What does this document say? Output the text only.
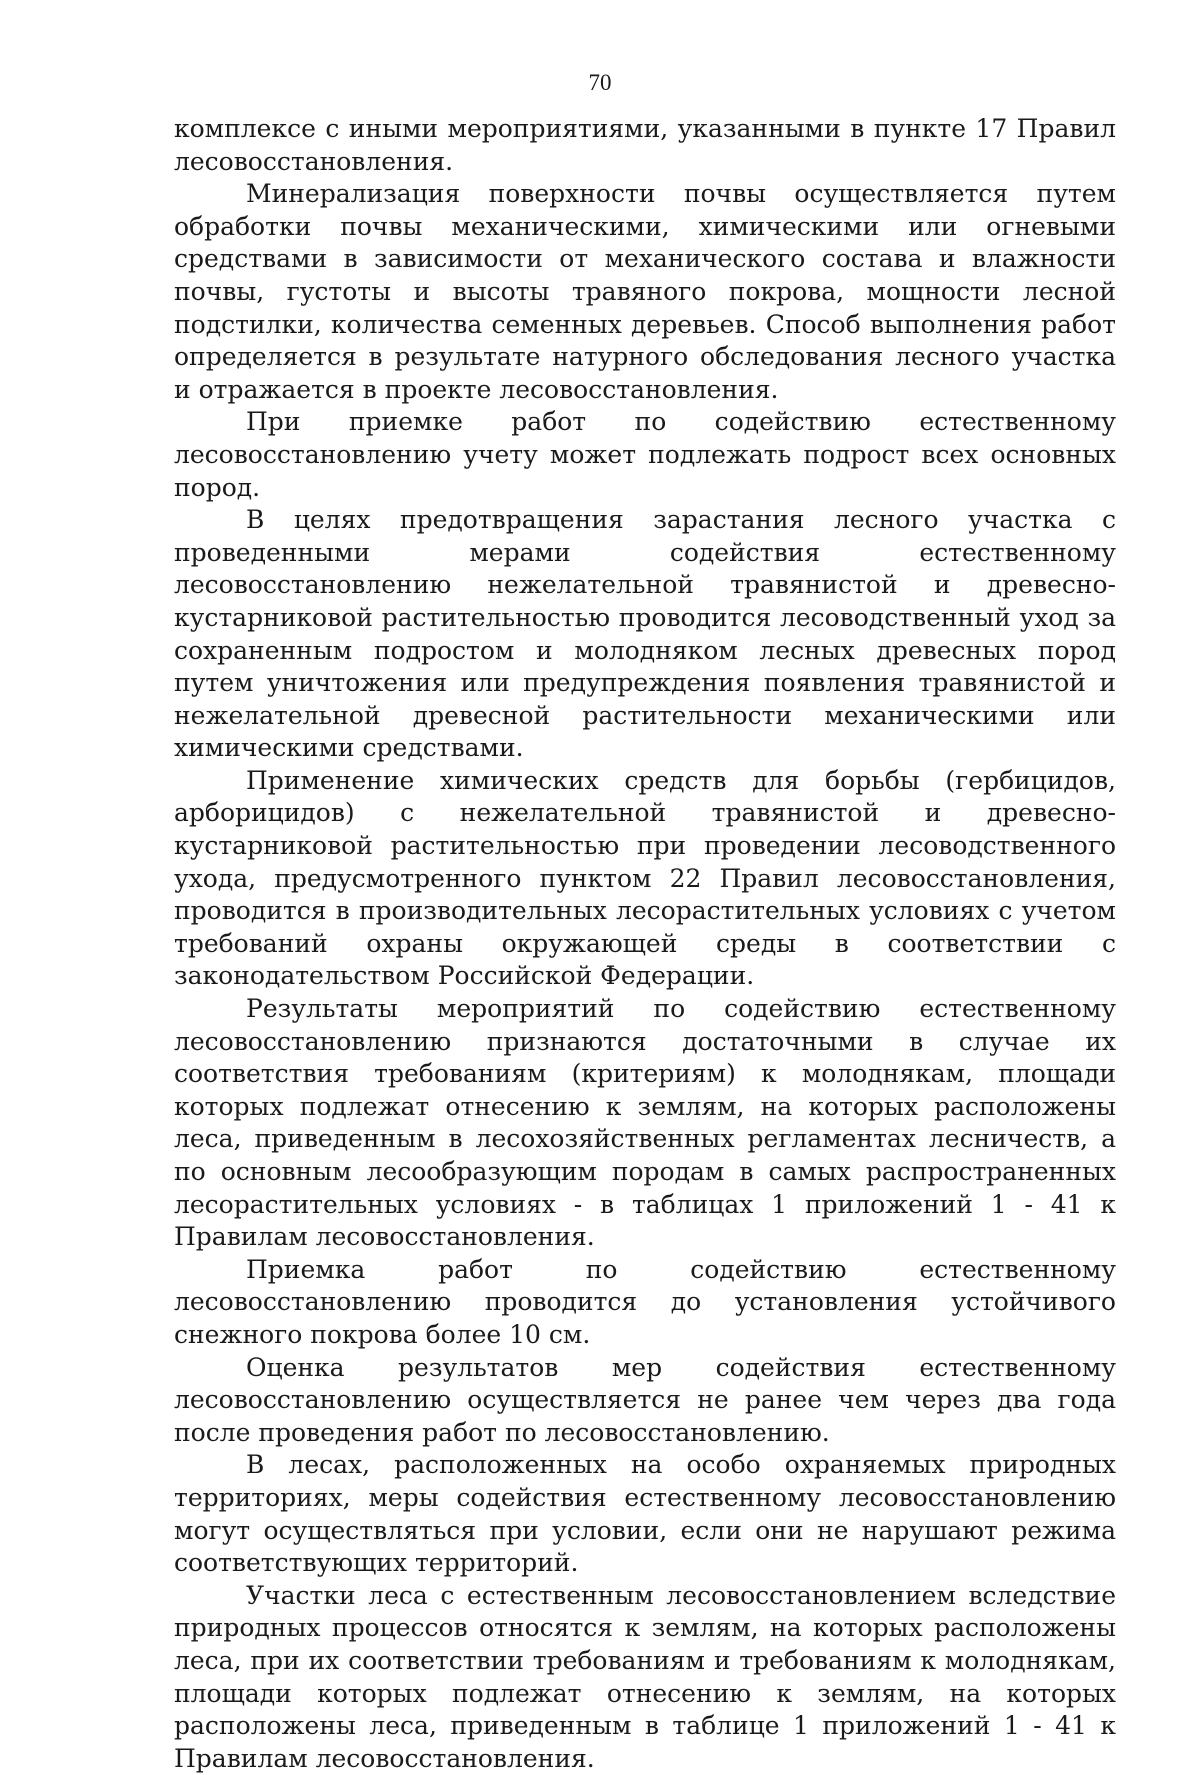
70

комплексе с иными мероприятиями, указанными в пункте 17 Правил лесовосстановления.

Минерализация поверхности почвы осуществляется путем обработки почвы механическими, химическими или огневыми средствами в зависимости от механического состава и влажности почвы, густоты и высоты травяного покрова, мощности лесной подстилки, количества семенных деревьев. Способ выполнения работ определяется в результате натурного обследования лесного участка и отражается в проекте лесовосстановления.

При приемке работ по содействию естественному лесовосстановлению учету может подлежать подрост всех основных пород.

В целях предотвращения зарастания лесного участка с проведенными мерами содействия естественному лесовосстановлению нежелательной травянистой и древесно-кустарниковой растительностью проводится лесоводственный уход за сохраненным подростом и молодняком лесных древесных пород путем уничтожения или предупреждения появления травянистой и нежелательной древесной растительности механическими или химическими средствами.

Применение химических средств для борьбы (гербицидов, арборицидов) с нежелательной травянистой и древесно-кустарниковой растительностью при проведении лесоводственного ухода, предусмотренного пунктом 22 Правил лесовосстановления, проводится в производительных лесорастительных условиях с учетом требований охраны окружающей среды в соответствии с законодательством Российской Федерации.

Результаты мероприятий по содействию естественному лесовосстановлению признаются достаточными в случае их соответствия требованиям (критериям) к молоднякам, площади которых подлежат отнесению к землям, на которых расположены леса, приведенным в лесохозяйственных регламентах лесничеств, а по основным лесообразующим породам в самых распространенных лесорастительных условиях - в таблицах 1 приложений 1 - 41 к Правилам лесовосстановления.

Приемка работ по содействию естественному лесовосстановлению проводится до установления устойчивого снежного покрова более 10 см.

Оценка результатов мер содействия естественному лесовосстановлению осуществляется не ранее чем через два года после проведения работ по лесовосстановлению.

В лесах, расположенных на особо охраняемых природных территориях, меры содействия естественному лесовосстановлению могут осуществляться при условии, если они не нарушают режима соответствующих территорий.

Участки леса с естественным лесовосстановлением вследствие природных процессов относятся к землям, на которых расположены леса, при их соответствии требованиям и требованиям к молоднякам, площади которых подлежат отнесению к землям, на которых расположены леса, приведенным в таблице 1 приложений 1 - 41 к Правилам лесовосстановления.
